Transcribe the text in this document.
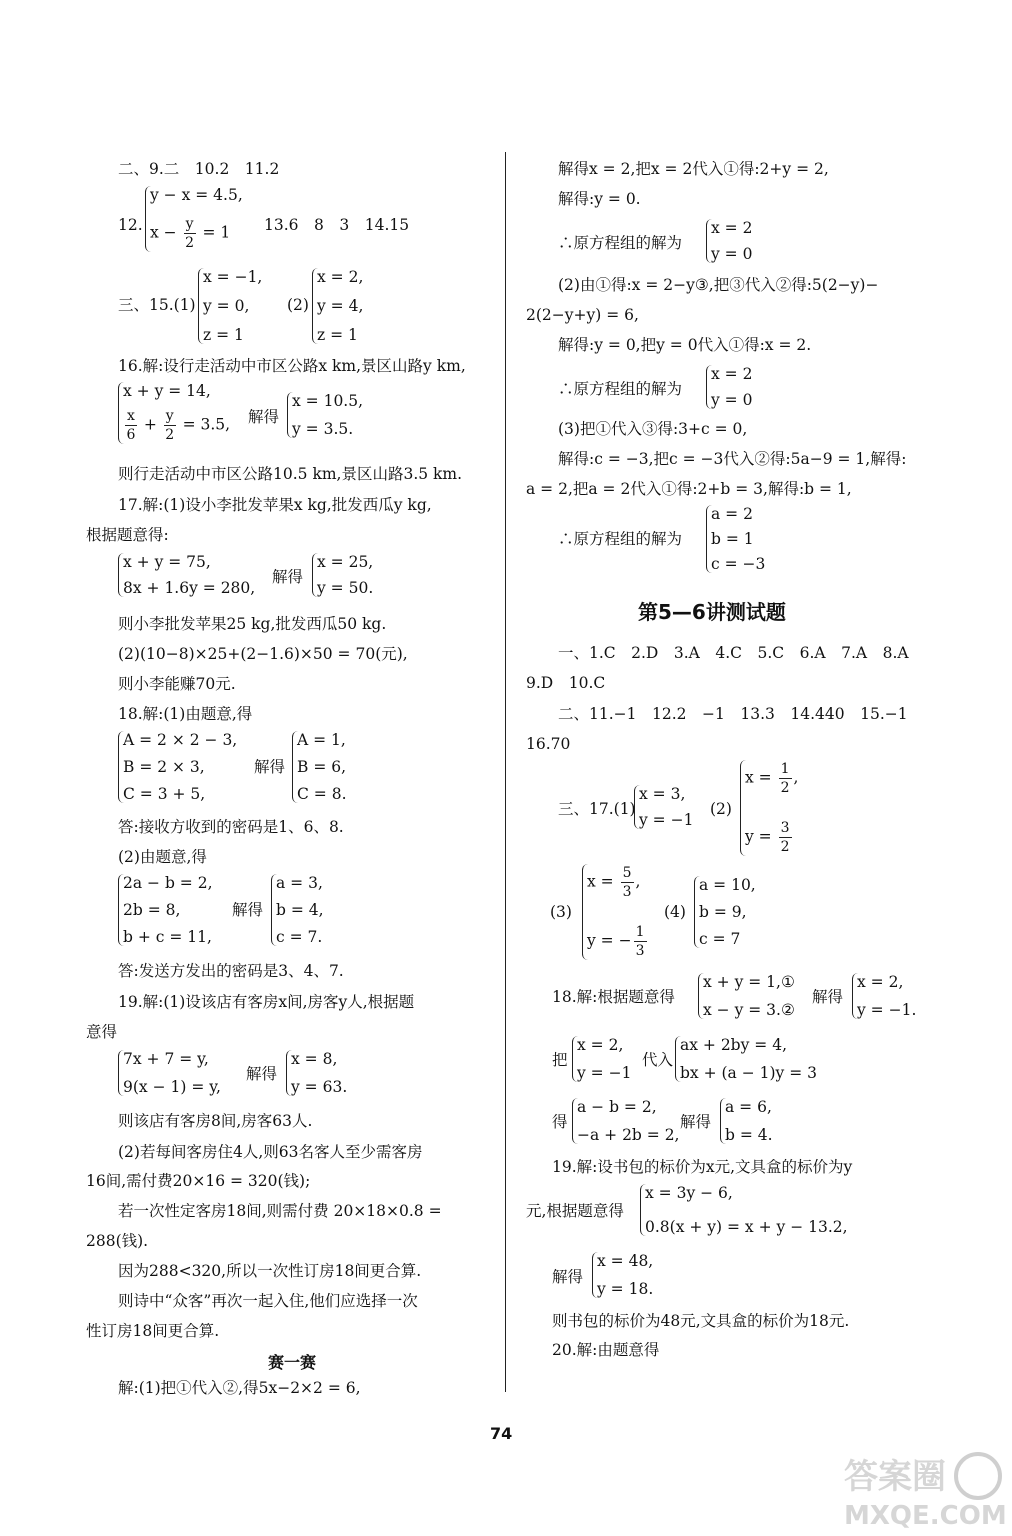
二、9.二　10.2　11.2
12.
y − x = 4.5,
$x - \frac{y}{2} = 1$	13.6　8　3　14.15
三、15.(1)
x = −1,
y = 0,
z = 1
(2)
x = 2,
y = 4,
z = 1
16.解:设行走活动中市区公路x km,景区山路y km,
x + y = 14,
$\frac{x}{6} + \frac{y}{2} = 3.5$, 解得
x = 10.5,
y = 3.5.
则行走活动中市区公路10.5 km,景区山路3.5 km.
17.解:(1)设小李批发苹果x kg,批发西瓜y kg,
根据题意得:
x + y = 75,
8x + 1.6y = 280,
解得
x = 25,
y = 50.
则小李批发苹果25 kg,批发西瓜50 kg.
(2)(10−8)×25+(2−1.6)×50 = 70(元),
则小李能赚70元.
18.解:(1)由题意,得
A = 2 × 2 − 3,
B = 2 × 3,
C = 3 + 5,
解得
A = 1,
B = 6,
C = 8.
答:接收方收到的密码是1、6、8.
(2)由题意,得
2a − b = 2,
2b = 8,
b + c = 11,
解得
a = 3,
b = 4,
c = 7.
答:发送方发出的密码是3、4、7.
19.解:(1)设该店有客房x间,房客y人,根据题
意得
7x + 7 = y,
9(x − 1) = y,
解得
x = 8,
y = 63.
则该店有客房8间,房客63人.
(2)若每间客房住4人,则63名客人至少需客房
16间,需付费20×16 = 320(钱);
若一次性定客房18间,则需付费 20×18×0.8 =
288(钱).
因为288<320,所以一次性订房18间更合算.
则诗中“众客”再次一起入住,他们应选择一次
性订房18间更合算.
赛一赛
解:(1)把①代入②,得5x−2×2 = 6,
解得x = 2,把x = 2代入①得:2+y = 2,
解得:y = 0.
∴原方程组的解为
x = 2
y = 0
(2)由①得:x = 2−y③,把③代入②得:5(2−y)−
2(2−y+y) = 6,
解得:y = 0,把y = 0代入①得:x = 2.
∴原方程组的解为
x = 2
y = 0
(3)把①代入③得:3+c = 0,
解得:c = −3,把c = −3代入②得:5a−9 = 1,解得:
a = 2,把a = 2代入①得:2+b = 3,解得:b = 1,
∴原方程组的解为
a = 2
b = 1
c = −3
第5—6讲测试题
一、1.C　2.D　3.A　4.C　5.C　6.A　7.A　8.A
9.D　10.C
二、11.−1　12.2　−1　13.3　14.440　15.−1
16.70
三、17.(1)
x = 3,
y = −1
(2)
$x = \frac{1}{2}$ ,
$y = \frac{3}{2}$
(3)
$x = \frac{5}{3}$ ,
y = − $\frac{1}{3}$
(4)
a = 10,
b = 9,
c = 7
18.解:根据题意得
x + y = 1,①
x − y = 3.②
解得
x = 2,
y = −1.
把
x = 2,
y = −1
代入
ax + 2by = 4,
bx + (a − 1)y = 3
得
a − b = 2,
−a + 2b = 2,
解得
a = 6,
b = 4.
19.解:设书包的标价为x元,文具盒的标价为y
元,根据题意得
x = 3y − 6,
0.8(x + y) = x + y − 13.2,
解得
x = 48,
y = 18.
则书包的标价为48元,文具盒的标价为18元.
20.解:由题意得
74
答案圈
MXQE.COM
